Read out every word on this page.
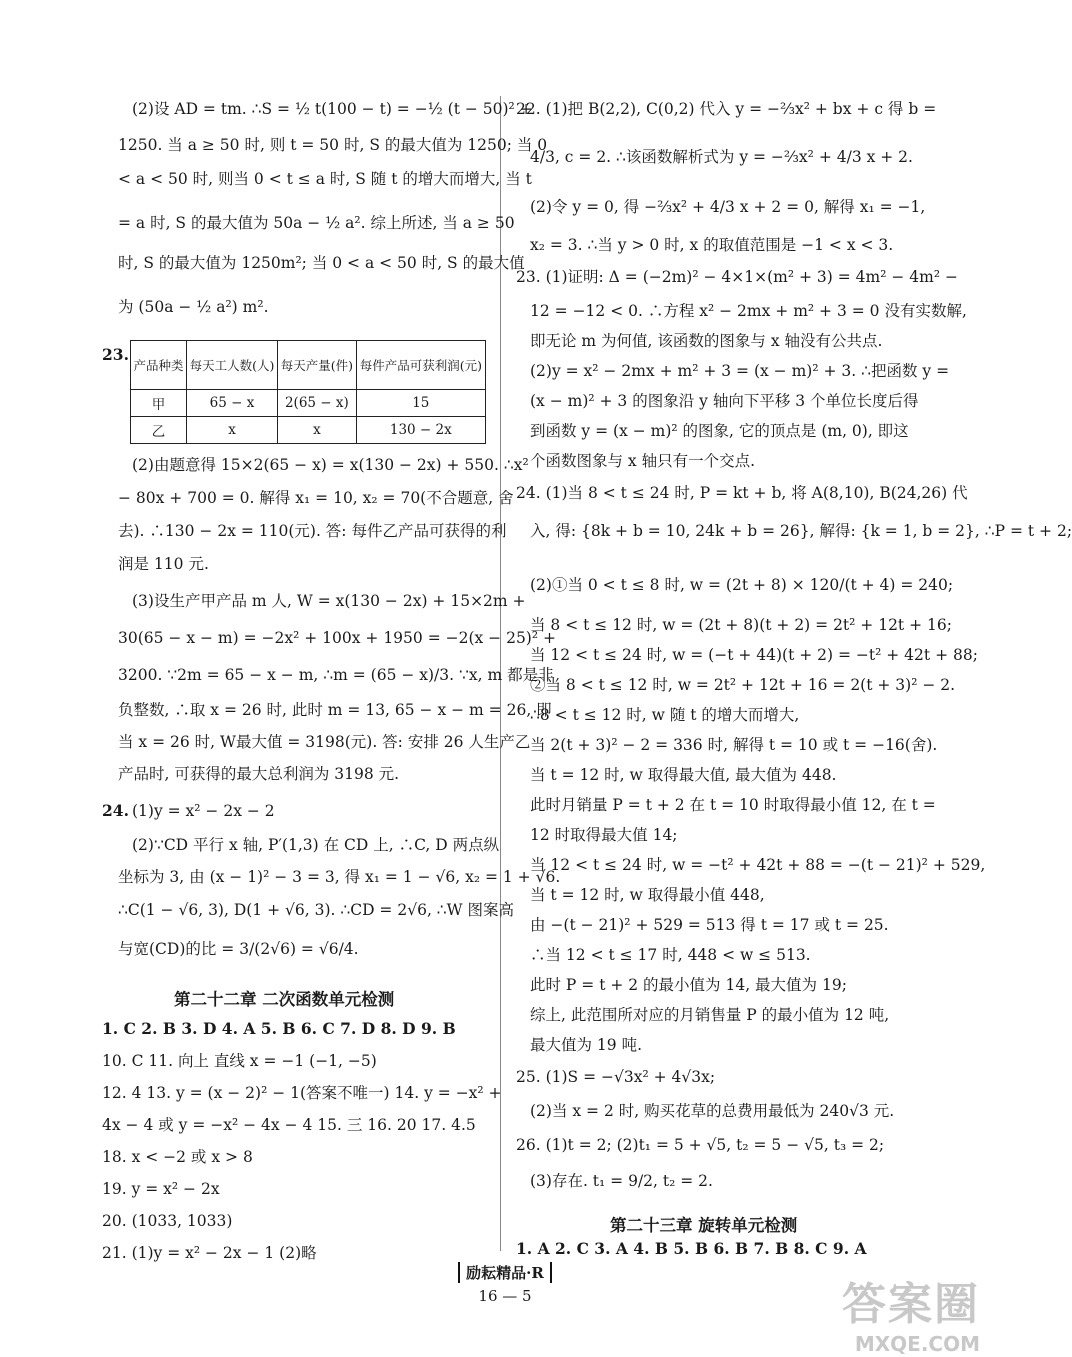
(2)设 AD = tm. ∴S = ½ t(100 − t) = −½ (t − 50)² +
1250. 当 a ≥ 50 时, 则 t = 50 时, S 的最大值为 1250; 当 0
< a < 50 时, 则当 0 < t ≤ a 时, S 随 t 的增大而增大, 当 t
= a 时, S 的最大值为 50a − ½ a². 综上所述, 当 a ≥ 50
时, S 的最大值为 1250m²; 当 0 < a < 50 时, S 的最大值
为 (50a − ½ a²) m².
23.
产品种类	每天工人数(人)	每天产量(件)	每件产品可获利润(元)
甲	65 − x	2(65 − x)	15
乙	x	x	130 − 2x
(2)由题意得 15×2(65 − x) = x(130 − 2x) + 550. ∴x²
− 80x + 700 = 0. 解得 x₁ = 10, x₂ = 70(不合题意, 舍
去). ∴130 − 2x = 110(元). 答: 每件乙产品可获得的利
润是 110 元.
(3)设生产甲产品 m 人, W = x(130 − 2x) + 15×2m +
30(65 − x − m) = −2x² + 100x + 1950 = −2(x − 25)² +
3200. ∵2m = 65 − x − m, ∴m = (65 − x)/3. ∵x, m 都是非
负整数, ∴取 x = 26 时, 此时 m = 13, 65 − x − m = 26, 即
当 x = 26 时, W最大值 = 3198(元). 答: 安排 26 人生产乙
产品时, 可获得的最大总利润为 3198 元.
24. (1)y = x² − 2x − 2
(2)∵CD 平行 x 轴, P′(1,3) 在 CD 上, ∴C, D 两点纵
坐标为 3, 由 (x − 1)² − 3 = 3, 得 x₁ = 1 − √6, x₂ = 1 + √6.
∴C(1 − √6, 3), D(1 + √6, 3). ∴CD = 2√6, ∴W 图案高
与宽(CD)的比 = 3/(2√6) = √6/4.
第二十二章 二次函数单元检测
1. C 2. B 3. D 4. A 5. B 6. C 7. D 8. D 9. B
10. C 11. 向上 直线 x = −1 (−1, −5)
12. 4 13. y = (x − 2)² − 1(答案不唯一) 14. y = −x² +
4x − 4 或 y = −x² − 4x − 4 15. 三 16. 20 17. 4.5
18. x < −2 或 x > 8
19. y = x² − 2x
20. (1033, 1033)
21. (1)y = x² − 2x − 1 (2)略
22. (1)把 B(2,2), C(0,2) 代入 y = −⅔x² + bx + c 得 b =
4/3, c = 2. ∴该函数解析式为 y = −⅔x² + 4/3 x + 2.
(2)令 y = 0, 得 −⅔x² + 4/3 x + 2 = 0, 解得 x₁ = −1,
x₂ = 3. ∴当 y > 0 时, x 的取值范围是 −1 < x < 3.
23. (1)证明: Δ = (−2m)² − 4×1×(m² + 3) = 4m² − 4m² −
12 = −12 < 0. ∴方程 x² − 2mx + m² + 3 = 0 没有实数解,
即无论 m 为何值, 该函数的图象与 x 轴没有公共点.
(2)y = x² − 2mx + m² + 3 = (x − m)² + 3. ∴把函数 y =
(x − m)² + 3 的图象沿 y 轴向下平移 3 个单位长度后得
到函数 y = (x − m)² 的图象, 它的顶点是 (m, 0), 即这
个函数图象与 x 轴只有一个交点.
24. (1)当 8 < t ≤ 24 时, P = kt + b, 将 A(8,10), B(24,26) 代
入, 得: {8k + b = 10, 24k + b = 26}, 解得: {k = 1, b = 2}, ∴P = t + 2;
(2)①当 0 < t ≤ 8 时, w = (2t + 8) × 120/(t + 4) = 240;
当 8 < t ≤ 12 时, w = (2t + 8)(t + 2) = 2t² + 12t + 16;
当 12 < t ≤ 24 时, w = (−t + 44)(t + 2) = −t² + 42t + 88;
②当 8 < t ≤ 12 时, w = 2t² + 12t + 16 = 2(t + 3)² − 2.
∴8 < t ≤ 12 时, w 随 t 的增大而增大,
当 2(t + 3)² − 2 = 336 时, 解得 t = 10 或 t = −16(舍).
当 t = 12 时, w 取得最大值, 最大值为 448.
此时月销量 P = t + 2 在 t = 10 时取得最小值 12, 在 t =
12 时取得最大值 14;
当 12 < t ≤ 24 时, w = −t² + 42t + 88 = −(t − 21)² + 529,
当 t = 12 时, w 取得最小值 448,
由 −(t − 21)² + 529 = 513 得 t = 17 或 t = 25.
∴当 12 < t ≤ 17 时, 448 < w ≤ 513.
此时 P = t + 2 的最小值为 14, 最大值为 19;
综上, 此范围所对应的月销售量 P 的最小值为 12 吨,
最大值为 19 吨.
25. (1)S = −√3x² + 4√3x;
(2)当 x = 2 时, 购买花草的总费用最低为 240√3 元.
26. (1)t = 2; (2)t₁ = 5 + √5, t₂ = 5 − √5, t₃ = 2;
(3)存在. t₁ = 9/2, t₂ = 2.
第二十三章 旋转单元检测
1. A 2. C 3. A 4. B 5. B 6. B 7. B 8. C 9. A
励耘精品·R
16 — 5	答案圈
MXQE.COM
